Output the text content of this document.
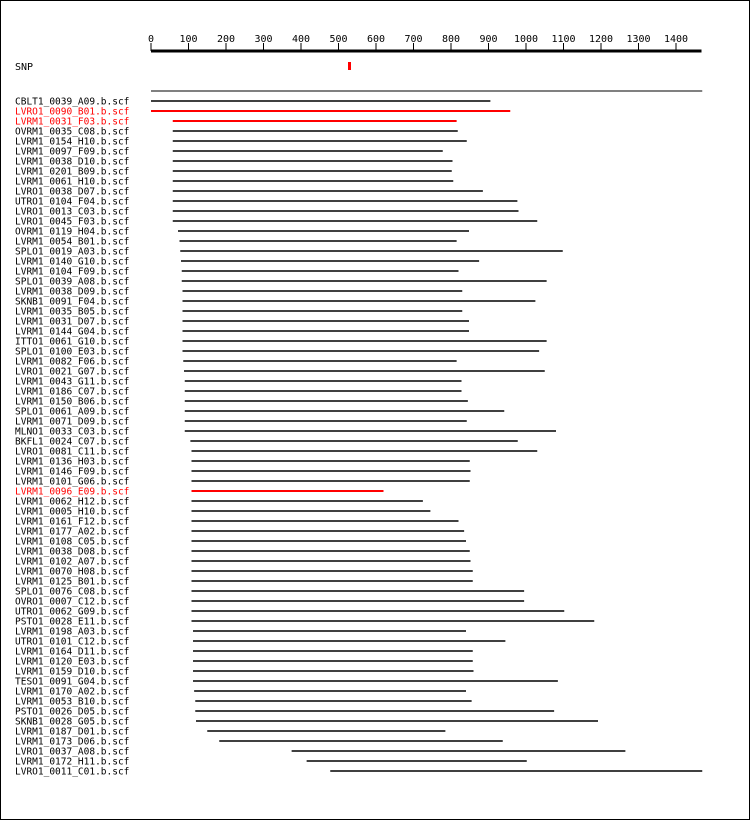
0	100 200 300 400 500 600 700 800 900 1000 1100 1200 1300 1400
SNP
CBLT1_0039_A09.b.scf
LVRO1_0090_B01.b.scf
LVRM1_0031_F03.b.scf
OVRM1_0035_C08.b.scf
LVRM1_0154_H10.b.scf
LVRM1_0097_F09.b.scf
LVRM1_0038_D10.b.scf
LVRM1_0201_B09.b.scf
LVRM1_0061_H10.b.scf
LVRO1_0038_D07.b.scf
UTRO1_0104_F04.b.scf
LVRO1_0013_C03.b.scf
LVRO1_0045_F03.b.scf
OVRM1_0119_H04.b.scf
LVRM1_0054_B01.b.scf
SPLO1_0019_A03.b.scf
LVRM1_0140_G10.b.scf
LVRM1_0104_F09.b.scf
SPLO1_0039_A08.b.scf
LVRM1_0038_D09.b.scf
SKNB1_0091_F04.b.scf
LVRM1_0035_B05.b.scf
LVRM1_0031_D07.b.scf
LVRM1_0144_G04.b.scf
ITTO1_0061_G10.b.scf
SPLO1_0100_E03.b.scf
LVRM1_0082_F06.b.scf
LVRO1_0021_G07.b.scf
LVRM1_0043_G11.b.scf
LVRM1_0186_C07.b.scf
LVRM1_0150_B06.b.scf
SPLO1_0061_A09.b.scf
LVRM1_0071_D09.b.scf
MLNO1_0033_C03.b.scf
BKFL1_0024_C07.b.scf
LVRO1_0081_C11.b.scf
LVRM1_0136_H03.b.scf
LVRM1_0146_F09.b.scf
LVRM1_0101_G06.b.scf
LVRM1_0096_E09.b.scf
LVRM1_0062_H12.b.scf
LVRM1_0005_H10.b.scf
LVRM1_0161_F12.b.scf
LVRM1_0177_A02.b.scf
LVRM1_0108_C05.b.scf
LVRM1_0038_D08.b.scf
LVRM1_0102_A07.b.scf
LVRM1_0070_H08.b.scf
LVRM1_0125_B01.b.scf
SPLO1_0076_C08.b.scf
OVRO1_0007_C12.b.scf
UTRO1_0062_G09.b.scf
PSTO1_0028_E11.b.scf
LVRM1_0198_A03.b.scf
UTRO1_0101_C12.b.scf
LVRM1_0164_D11.b.scf
LVRM1_0120_E03.b.scf
LVRM1_0159_D10.b.scf
TESO1_0091_G04.b.scf
LVRM1_0170_A02.b.scf
LVRM1_0053_B10.b.scf
PSTO1_0026_D05.b.scf
SKNB1_0028_G05.b.scf
LVRM1_0187_D01.b.scf
LVRM1_0173_D06.b.scf
LVRO1_0037_A08.b.scf
LVRM1_0172_H11.b.scf
LVRO1_0011_C01.b.scf
